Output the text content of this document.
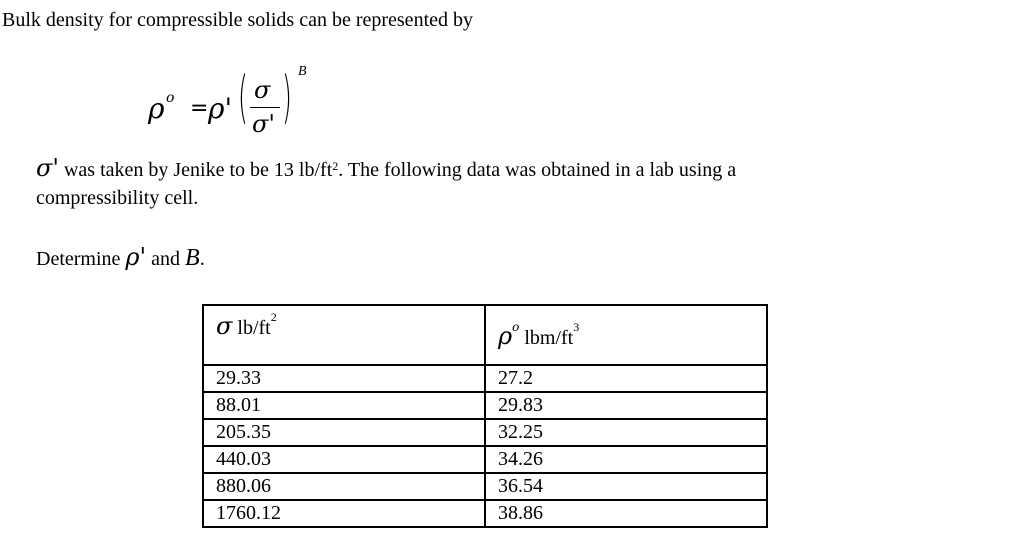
Bulk density for compressible solids can be represented by
ρ o = ρ' ( σ
σ' ) B
σ' was taken by Jenike to be 13 $lb/ft^2$. The following data was obtained in a lab using a
compressibility cell.
Determine ρ' and B.
σ $lb/ft^2$	$\rho^o$ lbm/$ft^3$
29.33	27.2
88.01	29.83
205.35	32.25
440.03	34.26
880.06	36.54
1760.12	38.86
